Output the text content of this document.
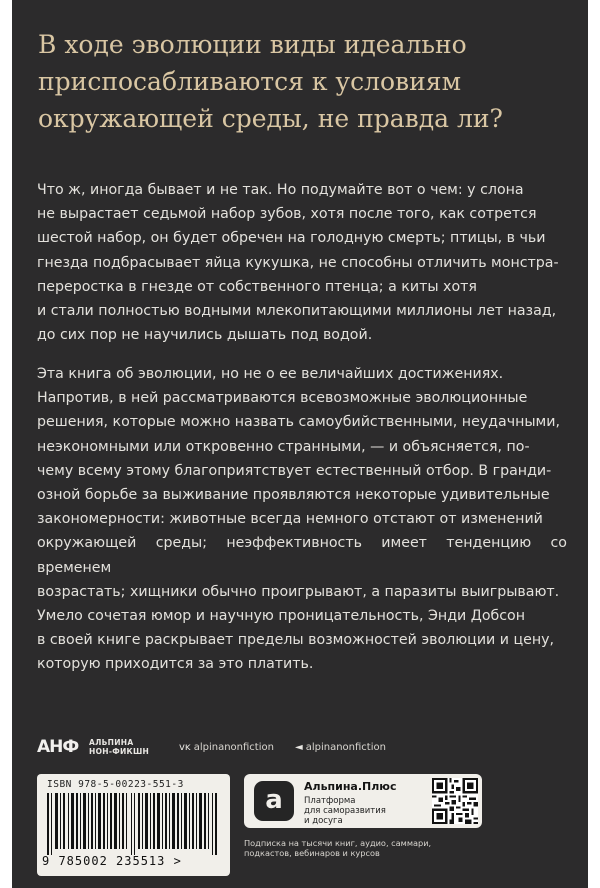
В ходе эволюции виды идеально приспосабливаются к условиям окружающей среды, не правда ли?
Что ж, иногда бывает и не так. Но подумайте вот о чем: у слона
не вырастает седьмой набор зубов, хотя после того, как сотрется
шестой набор, он будет обречен на голодную смерть; птицы, в чьи
гнезда подбрасывает яйца кукушка, не способны отличить монстра-
переростка в гнезде от собственного птенца; а киты хотя
и стали полностью водными млекопитающими миллионы лет назад,
до сих пор не научились дышать под водой.
Эта книга об эволюции, но не о ее величайших достижениях.
Напротив, в ней рассматриваются всевозможные эволюционные
решения, которые можно назвать самоубийственными, неудачными,
неэкономными или откровенно странными, — и объясняется, по-
чему всему этому благоприятствует естественный отбор. В гранди-
озной борьбе за выживание проявляются некоторые удивительные
закономерности: животные всегда немного отстают от изменений
окружающей среды; неэффективность имеет тенденцию со временем
возрастать; хищники обычно проигрывают, а паразиты выигрывают.
Умело сочетая юмор и научную проницательность, Энди Добсон
в своей книге раскрывает пределы возможностей эволюции и цену,
которую приходится за это платить.
АНФ АЛЬПИНА
НОН-ФИКШН	ᴠᴋ alpinanonfiction ◄ alpinanonfiction
ISBN 978-5-00223-551-3
9 785002 235513 >
a	Альпина.Плюс
Платформа
для саморазвития
и досуга
Подписка на тысячи книг, аудио, саммари,
подкастов, вебинаров и курсов
